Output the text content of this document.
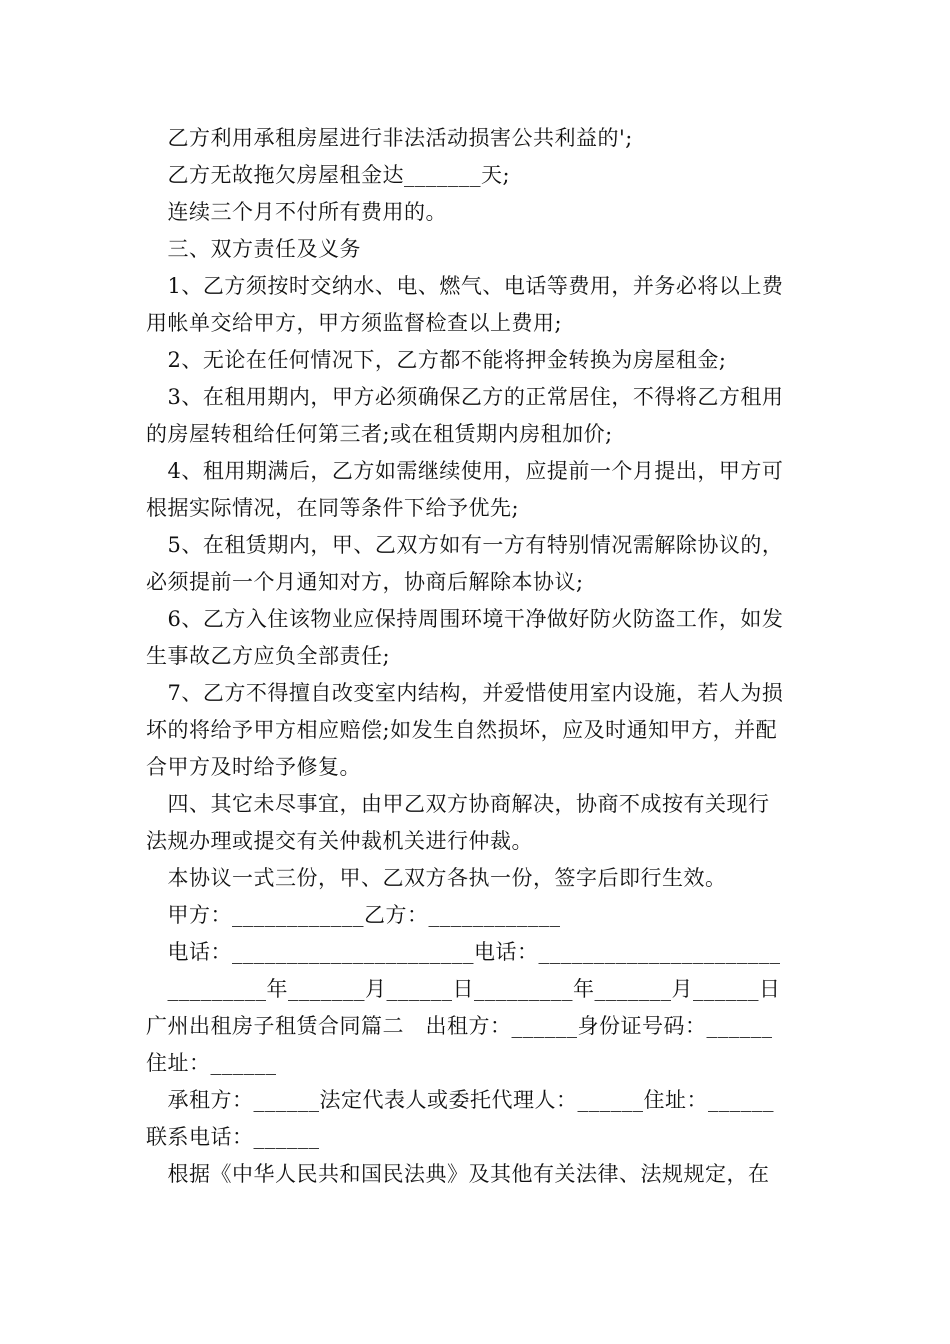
　乙方利用承租房屋进行非法活动损害公共利益的';
　乙方无故拖欠房屋租金达_______天;
　连续三个月不付所有费用的。
　三、双方责任及义务
　1、乙方须按时交纳水、电、燃气、电话等费用，并务必将以上费
用帐单交给甲方，甲方须监督检查以上费用;
　2、无论在任何情况下，乙方都不能将押金转换为房屋租金;
　3、在租用期内，甲方必须确保乙方的正常居住，不得将乙方租用
的房屋转租给任何第三者;或在租赁期内房租加价;
　4、租用期满后，乙方如需继续使用，应提前一个月提出，甲方可
根据实际情况，在同等条件下给予优先;
　5、在租赁期内，甲、乙双方如有一方有特别情况需解除协议的，
必须提前一个月通知对方，协商后解除本协议;
　6、乙方入住该物业应保持周围环境干净做好防火防盗工作，如发
生事故乙方应负全部责任;
　7、乙方不得擅自改变室内结构，并爱惜使用室内设施，若人为损
坏的将给予甲方相应赔偿;如发生自然损坏，应及时通知甲方，并配
合甲方及时给予修复。
　四、其它未尽事宜，由甲乙双方协商解决，协商不成按有关现行
法规办理或提交有关仲裁机关进行仲裁。
　本协议一式三份，甲、乙双方各执一份，签字后即行生效。
　甲方：____________乙方：____________
　电话：______________________电话：______________________
　_________年_______月______日_________年_______月______日
广州出租房子租赁合同篇二　出租方：______身份证号码：______
住址：______
　承租方：______法定代表人或委托代理人：______住址：______
联系电话：______
　根据《中华人民共和国民法典》及其他有关法律、法规规定，在
